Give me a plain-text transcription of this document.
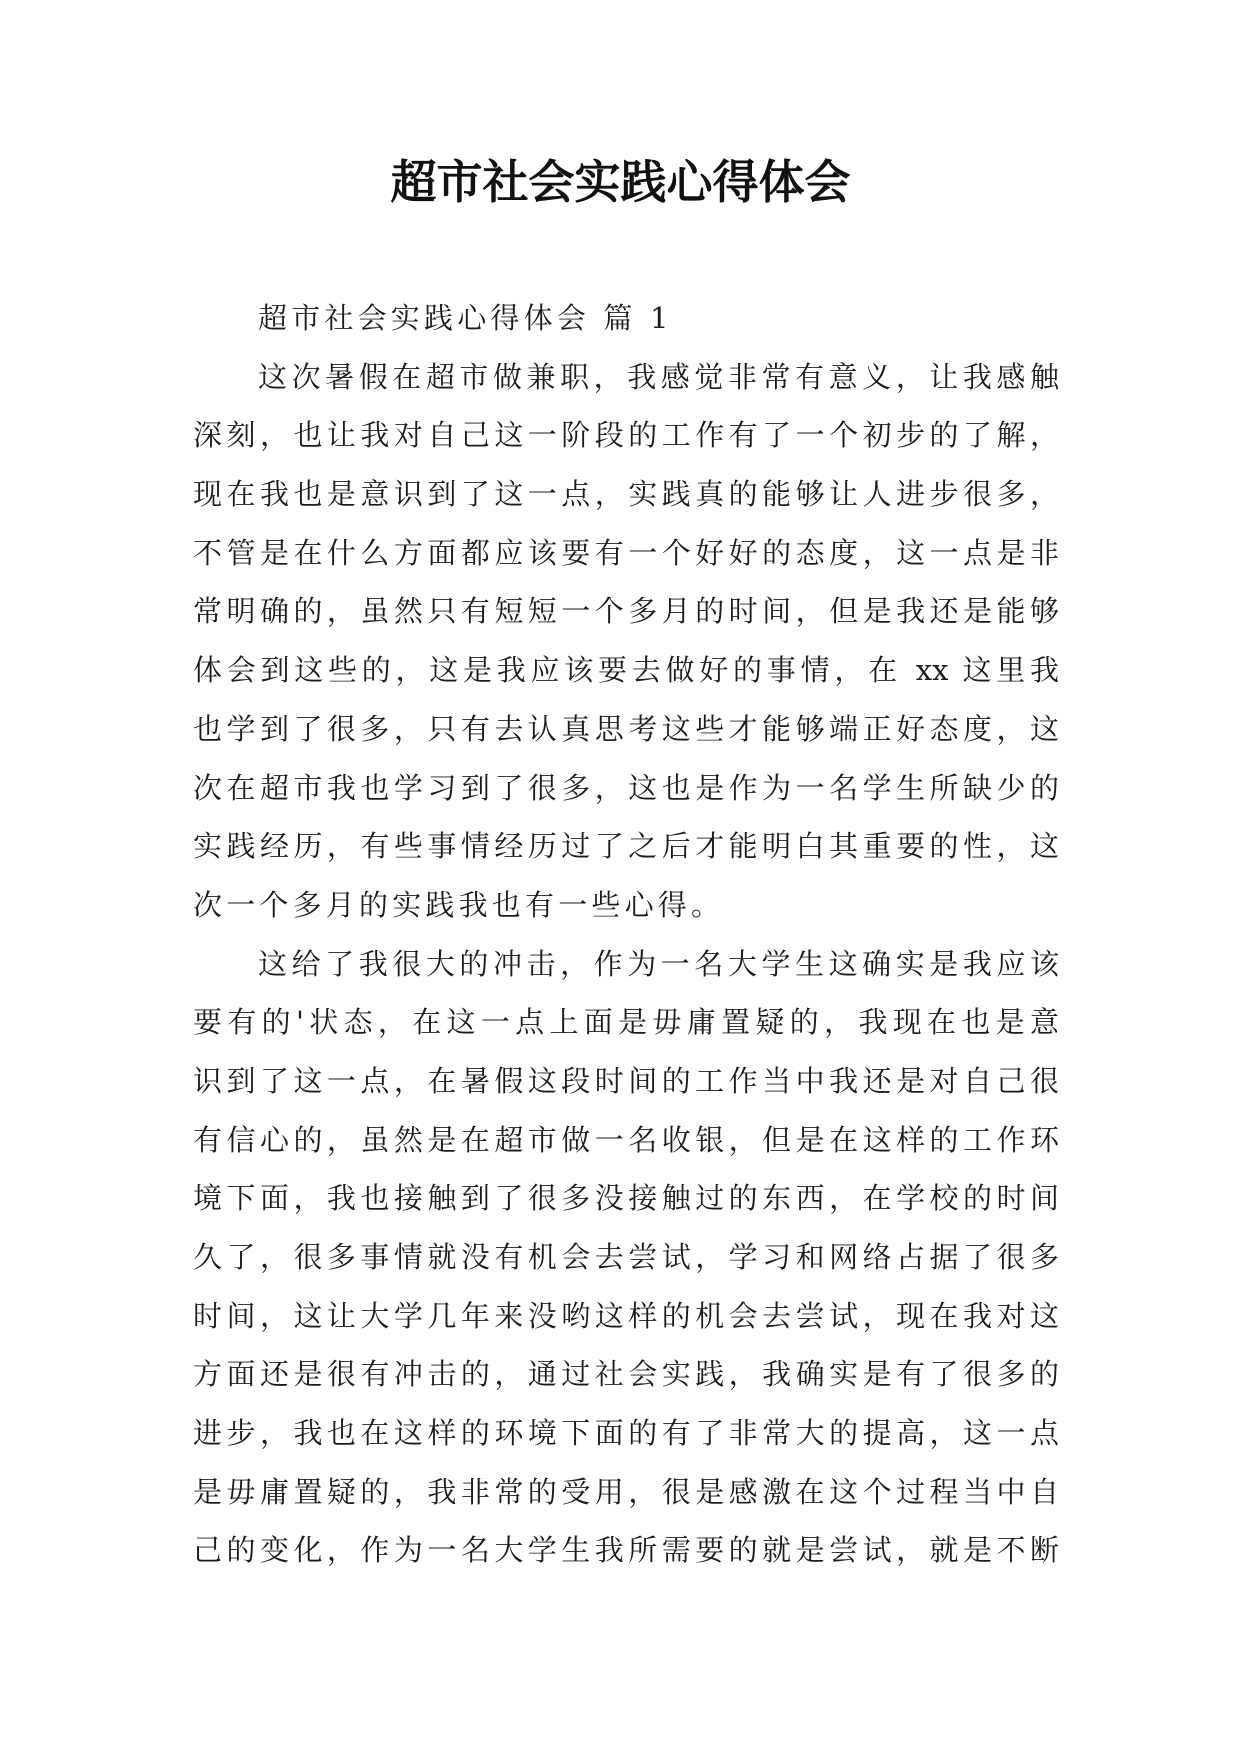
超市社会实践心得体会
超市社会实践心得体会 篇 1
这次暑假在超市做兼职，我感觉非常有意义，让我感触
深刻，也让我对自己这一阶段的工作有了一个初步的了解，
现在我也是意识到了这一点，实践真的能够让人进步很多，
不管是在什么方面都应该要有一个好好的态度，这一点是非
常明确的，虽然只有短短一个多月的时间，但是我还是能够
体会到这些的，这是我应该要去做好的事情，在 xx 这里我
也学到了很多，只有去认真思考这些才能够端正好态度，这
次在超市我也学习到了很多，这也是作为一名学生所缺少的
实践经历，有些事情经历过了之后才能明白其重要的性，这
次一个多月的实践我也有一些心得。
这给了我很大的冲击，作为一名大学生这确实是我应该
要有的'状态，在这一点上面是毋庸置疑的，我现在也是意
识到了这一点，在暑假这段时间的工作当中我还是对自己很
有信心的，虽然是在超市做一名收银，但是在这样的工作环
境下面，我也接触到了很多没接触过的东西，在学校的时间
久了，很多事情就没有机会去尝试，学习和网络占据了很多
时间，这让大学几年来没哟这样的机会去尝试，现在我对这
方面还是很有冲击的，通过社会实践，我确实是有了很多的
进步，我也在这样的环境下面的有了非常大的提高，这一点
是毋庸置疑的，我非常的受用，很是感激在这个过程当中自
己的变化，作为一名大学生我所需要的就是尝试，就是不断
